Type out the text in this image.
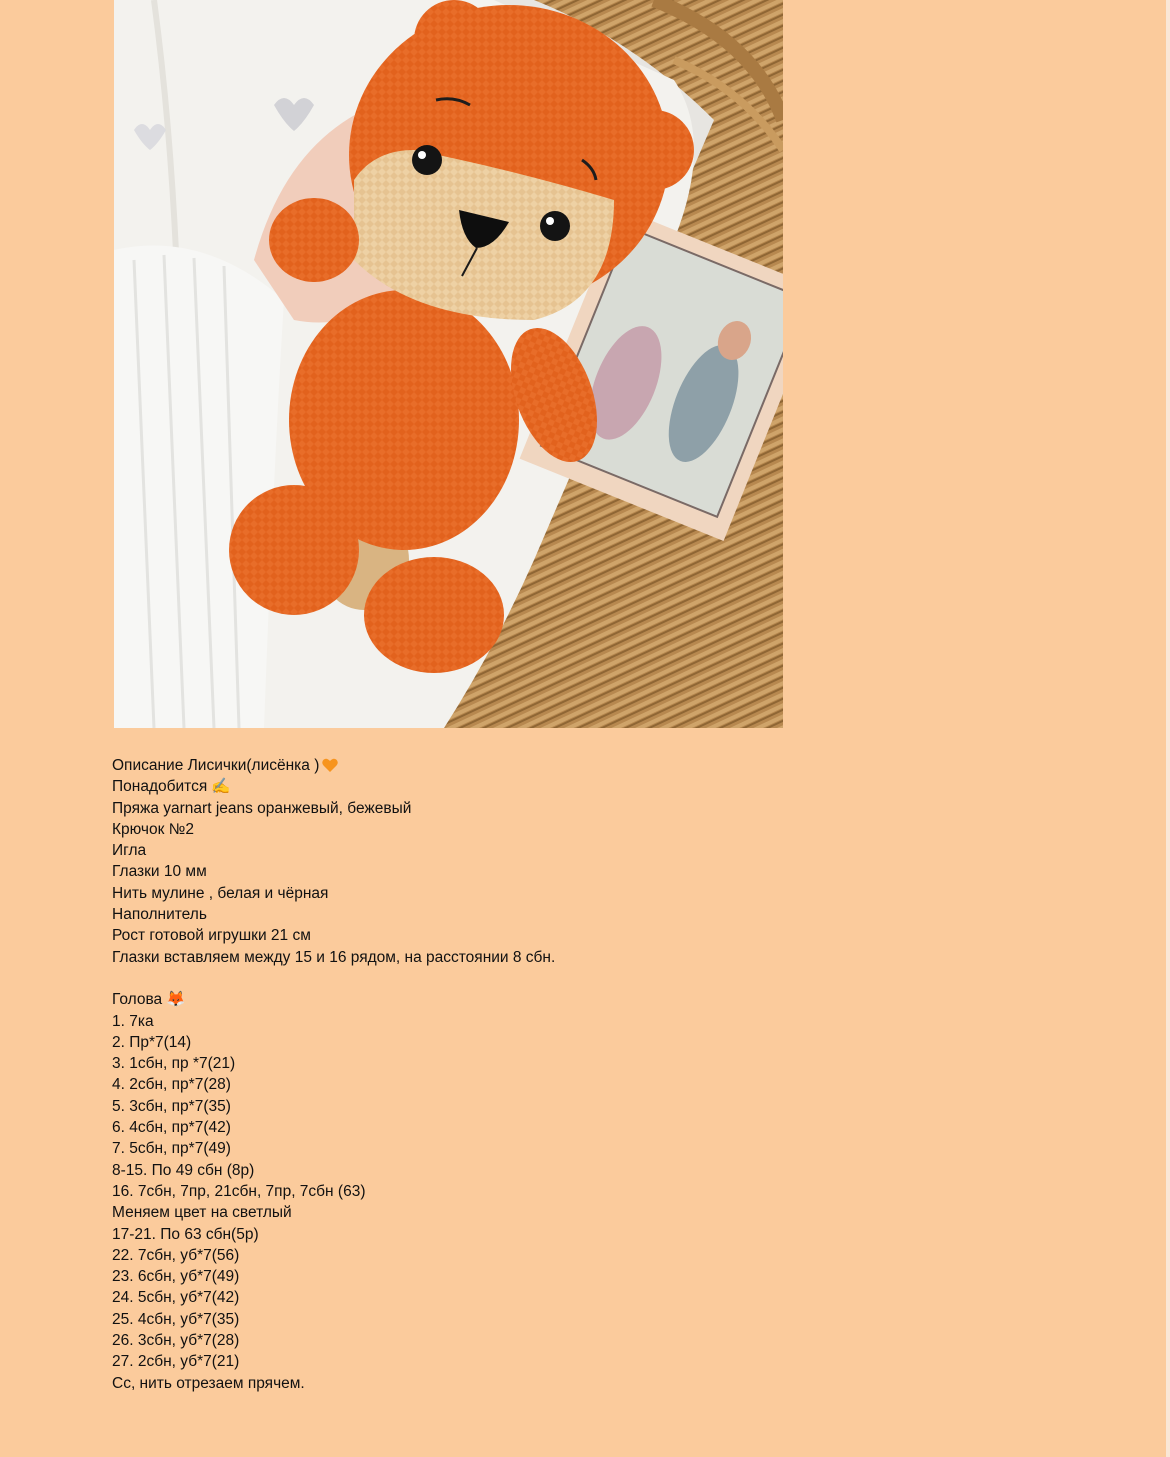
Описание Лисички(лисёнка )
Понадобится ✍
Пряжа yarnart jeans оранжевый, бежевый
Крючок №2
Игла
Глазки 10 мм
Нить мулине , белая и чёрная
Наполнитель
Рост готовой игрушки 21 см
Глазки вставляем между 15 и 16 рядом, на расстоянии 8 сбн.
Голова 🦊
1. 7ка
2. Пр*7(14)
3. 1сбн, пр *7(21)
4. 2сбн, пр*7(28)
5. 3сбн, пр*7(35)
6. 4сбн, пр*7(42)
7. 5сбн, пр*7(49)
8-15. По 49 сбн (8р)
16. 7сбн, 7пр, 21сбн, 7пр, 7сбн (63)
Меняем цвет на светлый
17-21. По 63 сбн(5р)
22. 7сбн, уб*7(56)
23. 6сбн, уб*7(49)
24. 5сбн, уб*7(42)
25. 4сбн, уб*7(35)
26. 3сбн, уб*7(28)
27. 2сбн, уб*7(21)
Сс, нить отрезаем прячем.
